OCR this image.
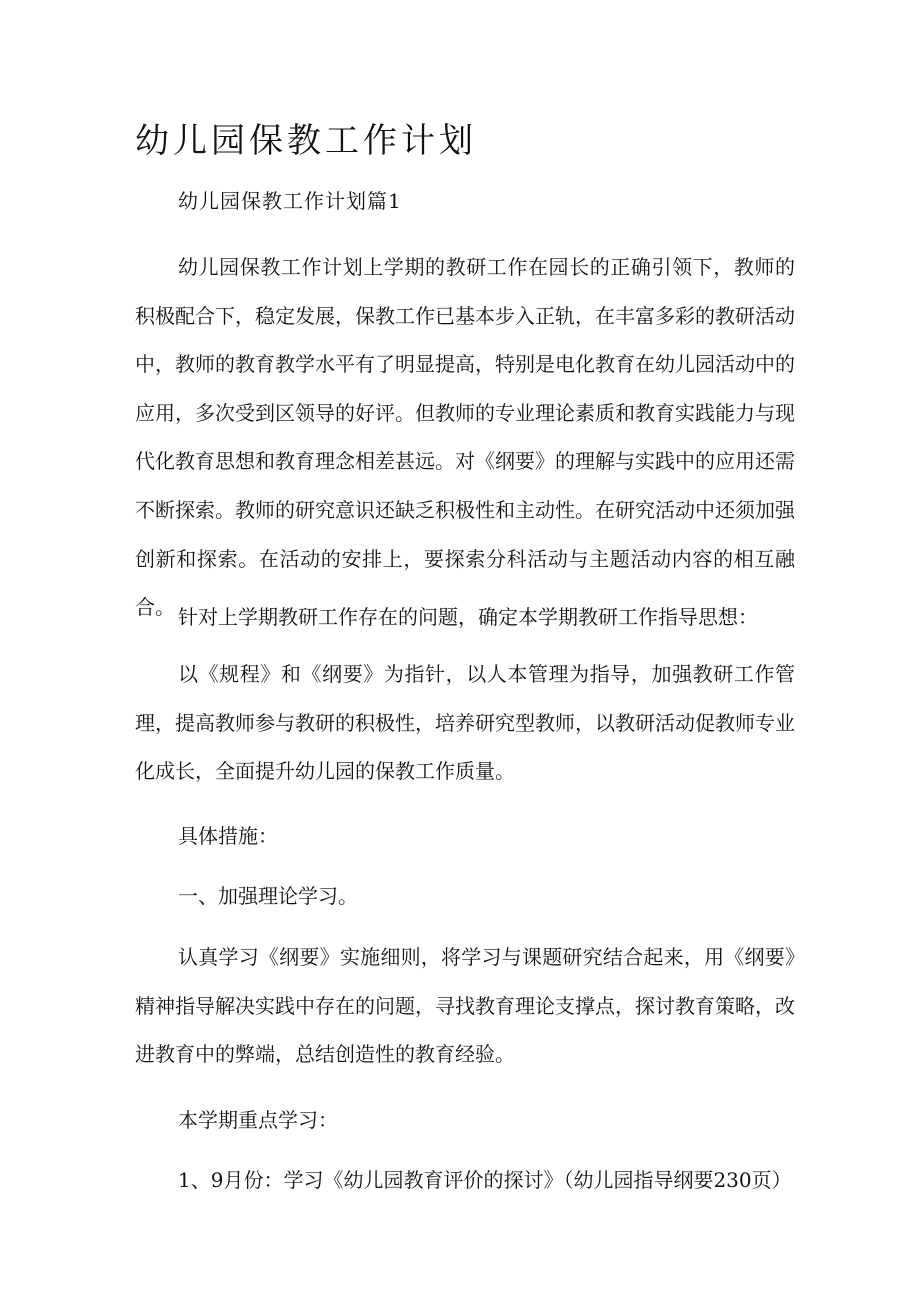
幼儿园保教工作计划
幼儿园保教工作计划篇1

幼儿园保教工作计划上学期的教研工作在园长的正确引领下，教师的积极配合下，稳定发展，保教工作已基本步入正轨，在丰富多彩的教研活动中，教师的教育教学水平有了明显提高，特别是电化教育在幼儿园活动中的应用，多次受到区领导的好评。但教师的专业理论素质和教育实践能力与现代化教育思想和教育理念相差甚远。对《纲要》的理解与实践中的应用还需不断探索。教师的研究意识还缺乏积极性和主动性。在研究活动中还须加强创新和探索。在活动的安排上，要探索分科活动与主题活动内容的相互融合。 针对上学期教研工作存在的问题，确定本学期教研工作指导思想：

以《规程》和《纲要》为指针，以人本管理为指导，加强教研工作管理，提高教师参与教研的积极性，培养研究型教师，以教研活动促教师专业化成长，全面提升幼儿园的保教工作质量。

具体措施：
一、加强理论学习。

认真学习《纲要》实施细则，将学习与课题研究结合起来，用《纲要》精神指导解决实践中存在的问题，寻找教育理论支撑点，探讨教育策略，改进教育中的弊端，总结创造性的教育经验。

本学期重点学习：
1、9月份：学习《幼儿园教育评价的探讨》（幼儿园指导纲要230页）
